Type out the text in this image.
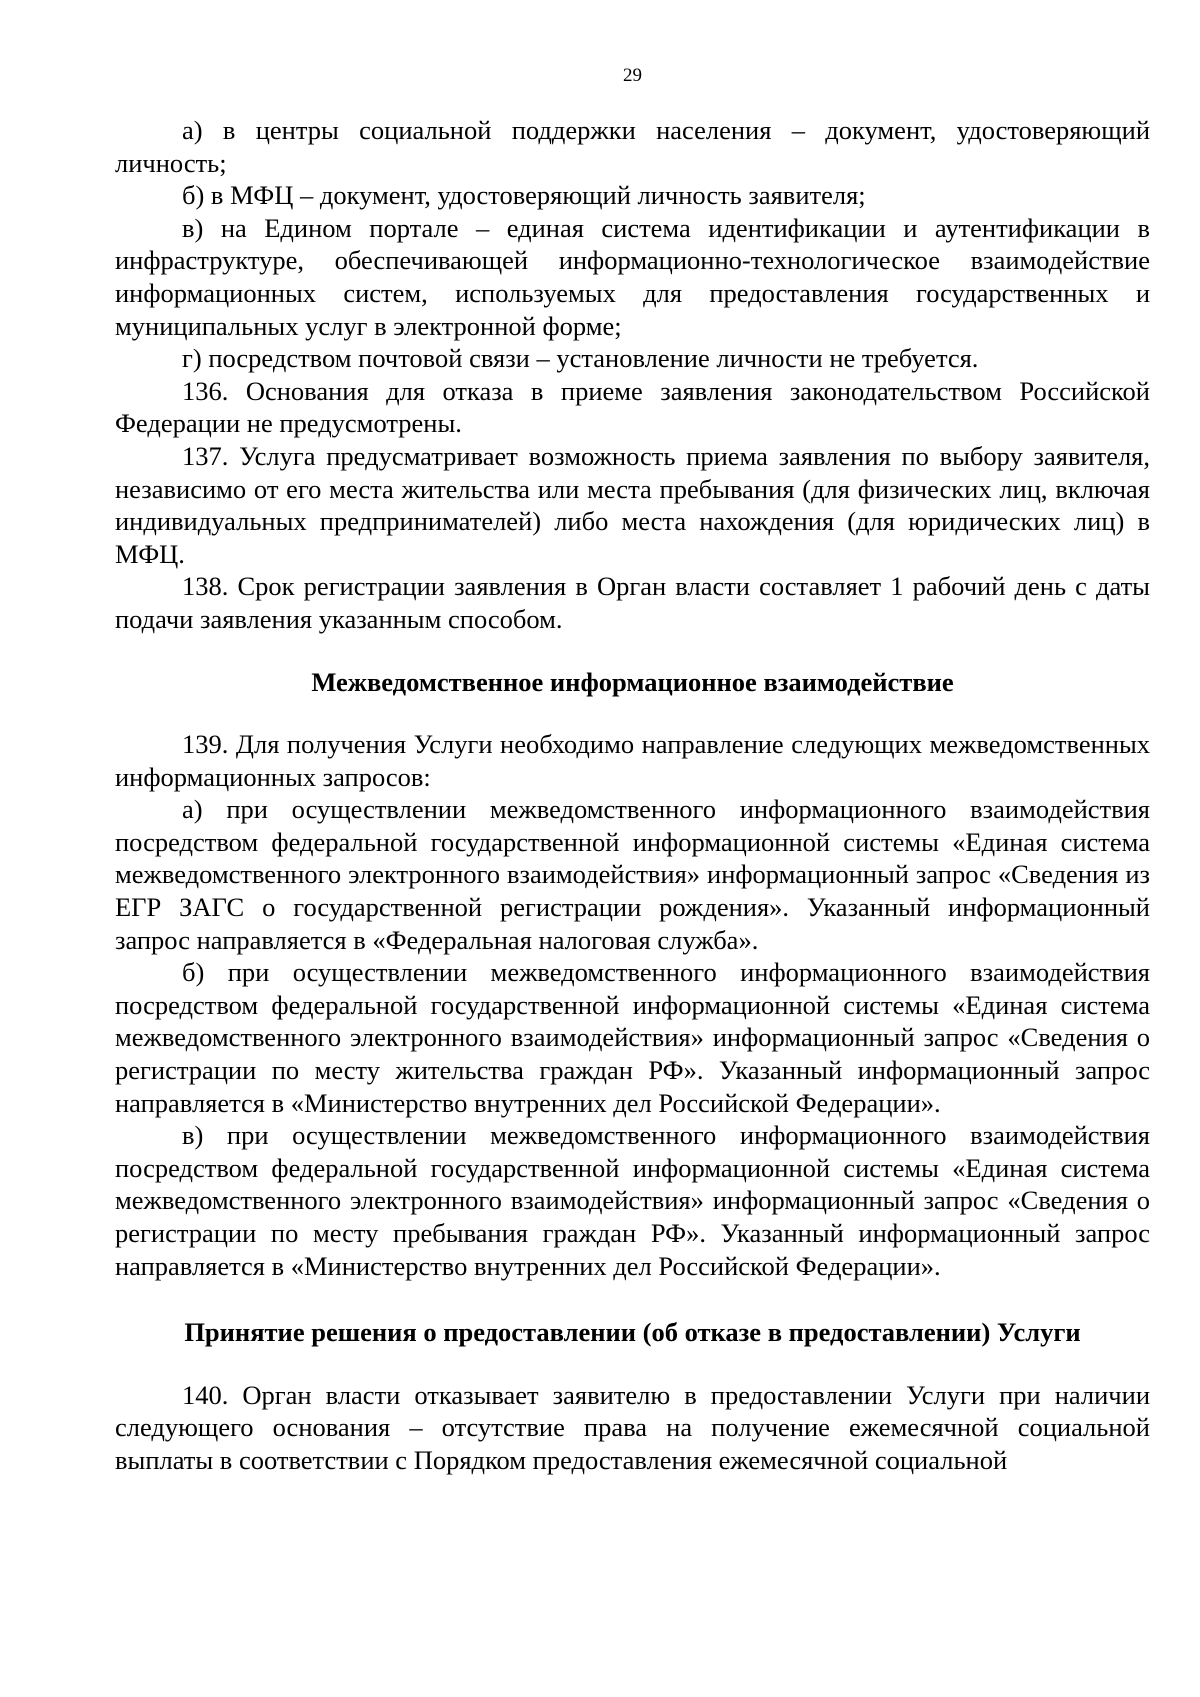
29

а) в центры социальной поддержки населения – документ, удостоверяющий личность;

б) в МФЦ – документ, удостоверяющий личность заявителя;

в) на Едином портале – единая система идентификации и аутентификации в инфраструктуре, обеспечивающей информационно-технологическое взаимодействие информационных систем, используемых для предоставления государственных и муниципальных услуг в электронной форме;

г) посредством почтовой связи – установление личности не требуется.

136. Основания для отказа в приеме заявления законодательством Российской Федерации не предусмотрены.

137. Услуга предусматривает возможность приема заявления по выбору заявителя, независимо от его места жительства или места пребывания (для физических лиц, включая индивидуальных предпринимателей) либо места нахождения (для юридических лиц) в МФЦ.

138. Срок регистрации заявления в Орган власти составляет 1 рабочий день с даты подачи заявления указанным способом.

Межведомственное информационное взаимодействие

139. Для получения Услуги необходимо направление следующих межведомственных информационных запросов:

а) при осуществлении межведомственного информационного взаимодействия посредством федеральной государственной информационной системы «Единая система межведомственного электронного взаимодействия» информационный запрос «Сведения из ЕГР ЗАГС о государственной регистрации рождения». Указанный информационный запрос направляется в «Федеральная налоговая служба».

б) при осуществлении межведомственного информационного взаимодействия посредством федеральной государственной информационной системы «Единая система межведомственного электронного взаимодействия» информационный запрос «Сведения о регистрации по месту жительства граждан РФ». Указанный информационный запрос направляется в «Министерство внутренних дел Российской Федерации».

в) при осуществлении межведомственного информационного взаимодействия посредством федеральной государственной информационной системы «Единая система межведомственного электронного взаимодействия» информационный запрос «Сведения о регистрации по месту пребывания граждан РФ». Указанный информационный запрос направляется в «Министерство внутренних дел Российской Федерации».

Принятие решения о предоставлении (об отказе в предоставлении) Услуги

140. Орган власти отказывает заявителю в предоставлении Услуги при наличии следующего основания – отсутствие права на получение ежемесячной социальной выплаты в соответствии с Порядком предоставления ежемесячной социальной
